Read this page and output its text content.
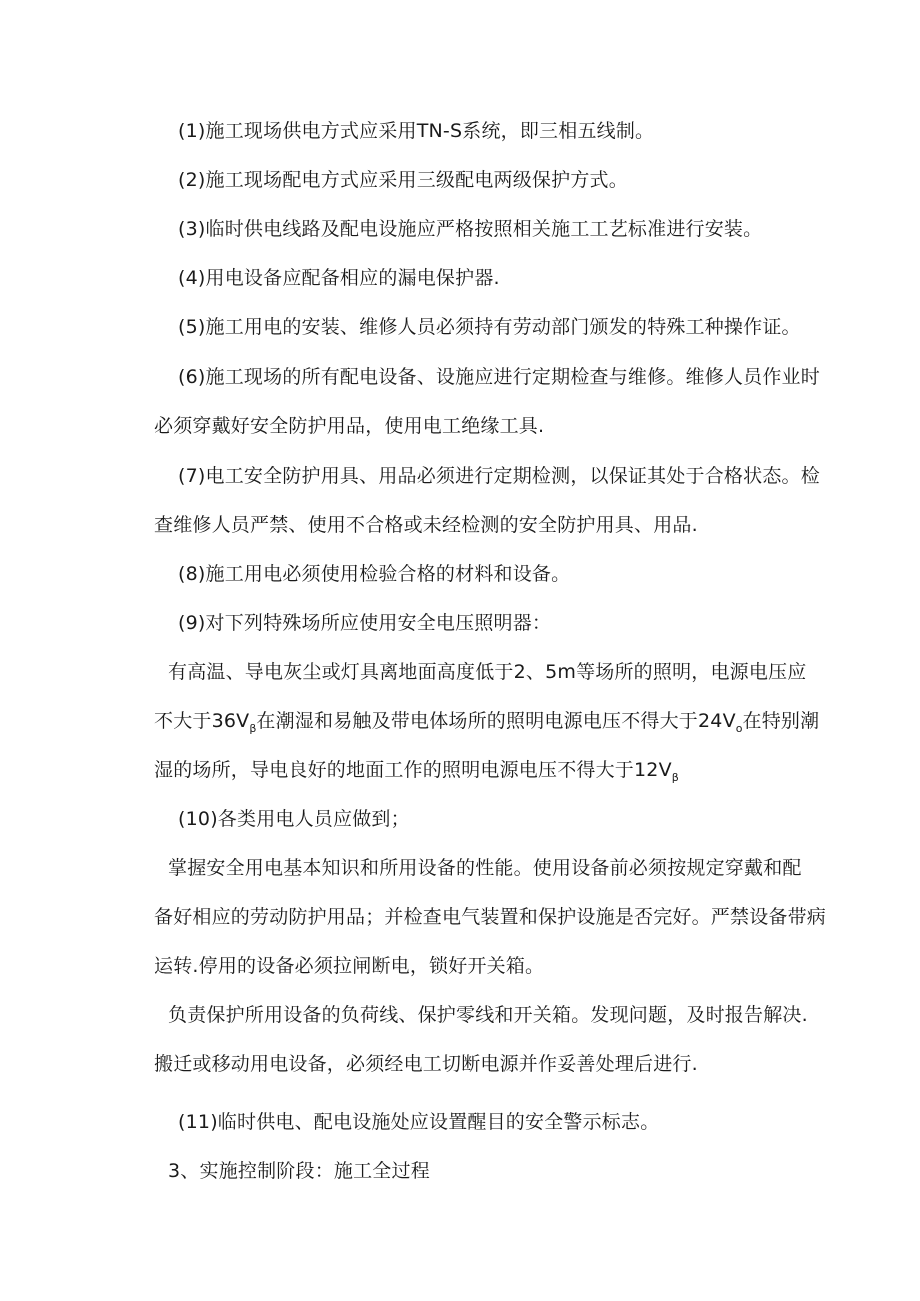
(1)施工现场供电方式应采用TN-S系统，即三相五线制。
(2)施工现场配电方式应采用三级配电两级保护方式。
(3)临时供电线路及配电设施应严格按照相关施工工艺标准进行安装。
(4)用电设备应配备相应的漏电保护器.
(5)施工用电的安装、维修人员必须持有劳动部门颁发的特殊工种操作证。
(6)施工现场的所有配电设备、设施应进行定期检查与维修。维修人员作业时
必须穿戴好安全防护用品，使用电工绝缘工具.
(7)电工安全防护用具、用品必须进行定期检测，以保证其处于合格状态。检
查维修人员严禁、使用不合格或未经检测的安全防护用具、用品.
(8)施工用电必须使用检验合格的材料和设备。
(9)对下列特殊场所应使用安全电压照明器：
有高温、导电灰尘或灯具离地面高度低于2、5m等场所的照明，电源电压应
不大于$36V_\beta$在潮湿和易触及带电体场所的照明电源电压不得大于$24V_o$在特别潮
湿的场所，导电良好的地面工作的照明电源电压不得大于$12V_\beta$
(10)各类用电人员应做到；
掌握安全用电基本知识和所用设备的性能。使用设备前必须按规定穿戴和配
备好相应的劳动防护用品；并检查电气装置和保护设施是否完好。严禁设备带病
运转.停用的设备必须拉闸断电，锁好开关箱。
负责保护所用设备的负荷线、保护零线和开关箱。发现问题，及时报告解决.
搬迁或移动用电设备，必须经电工切断电源并作妥善处理后进行.
(11)临时供电、配电设施处应设置醒目的安全警示标志。
3、实施控制阶段：施工全过程
